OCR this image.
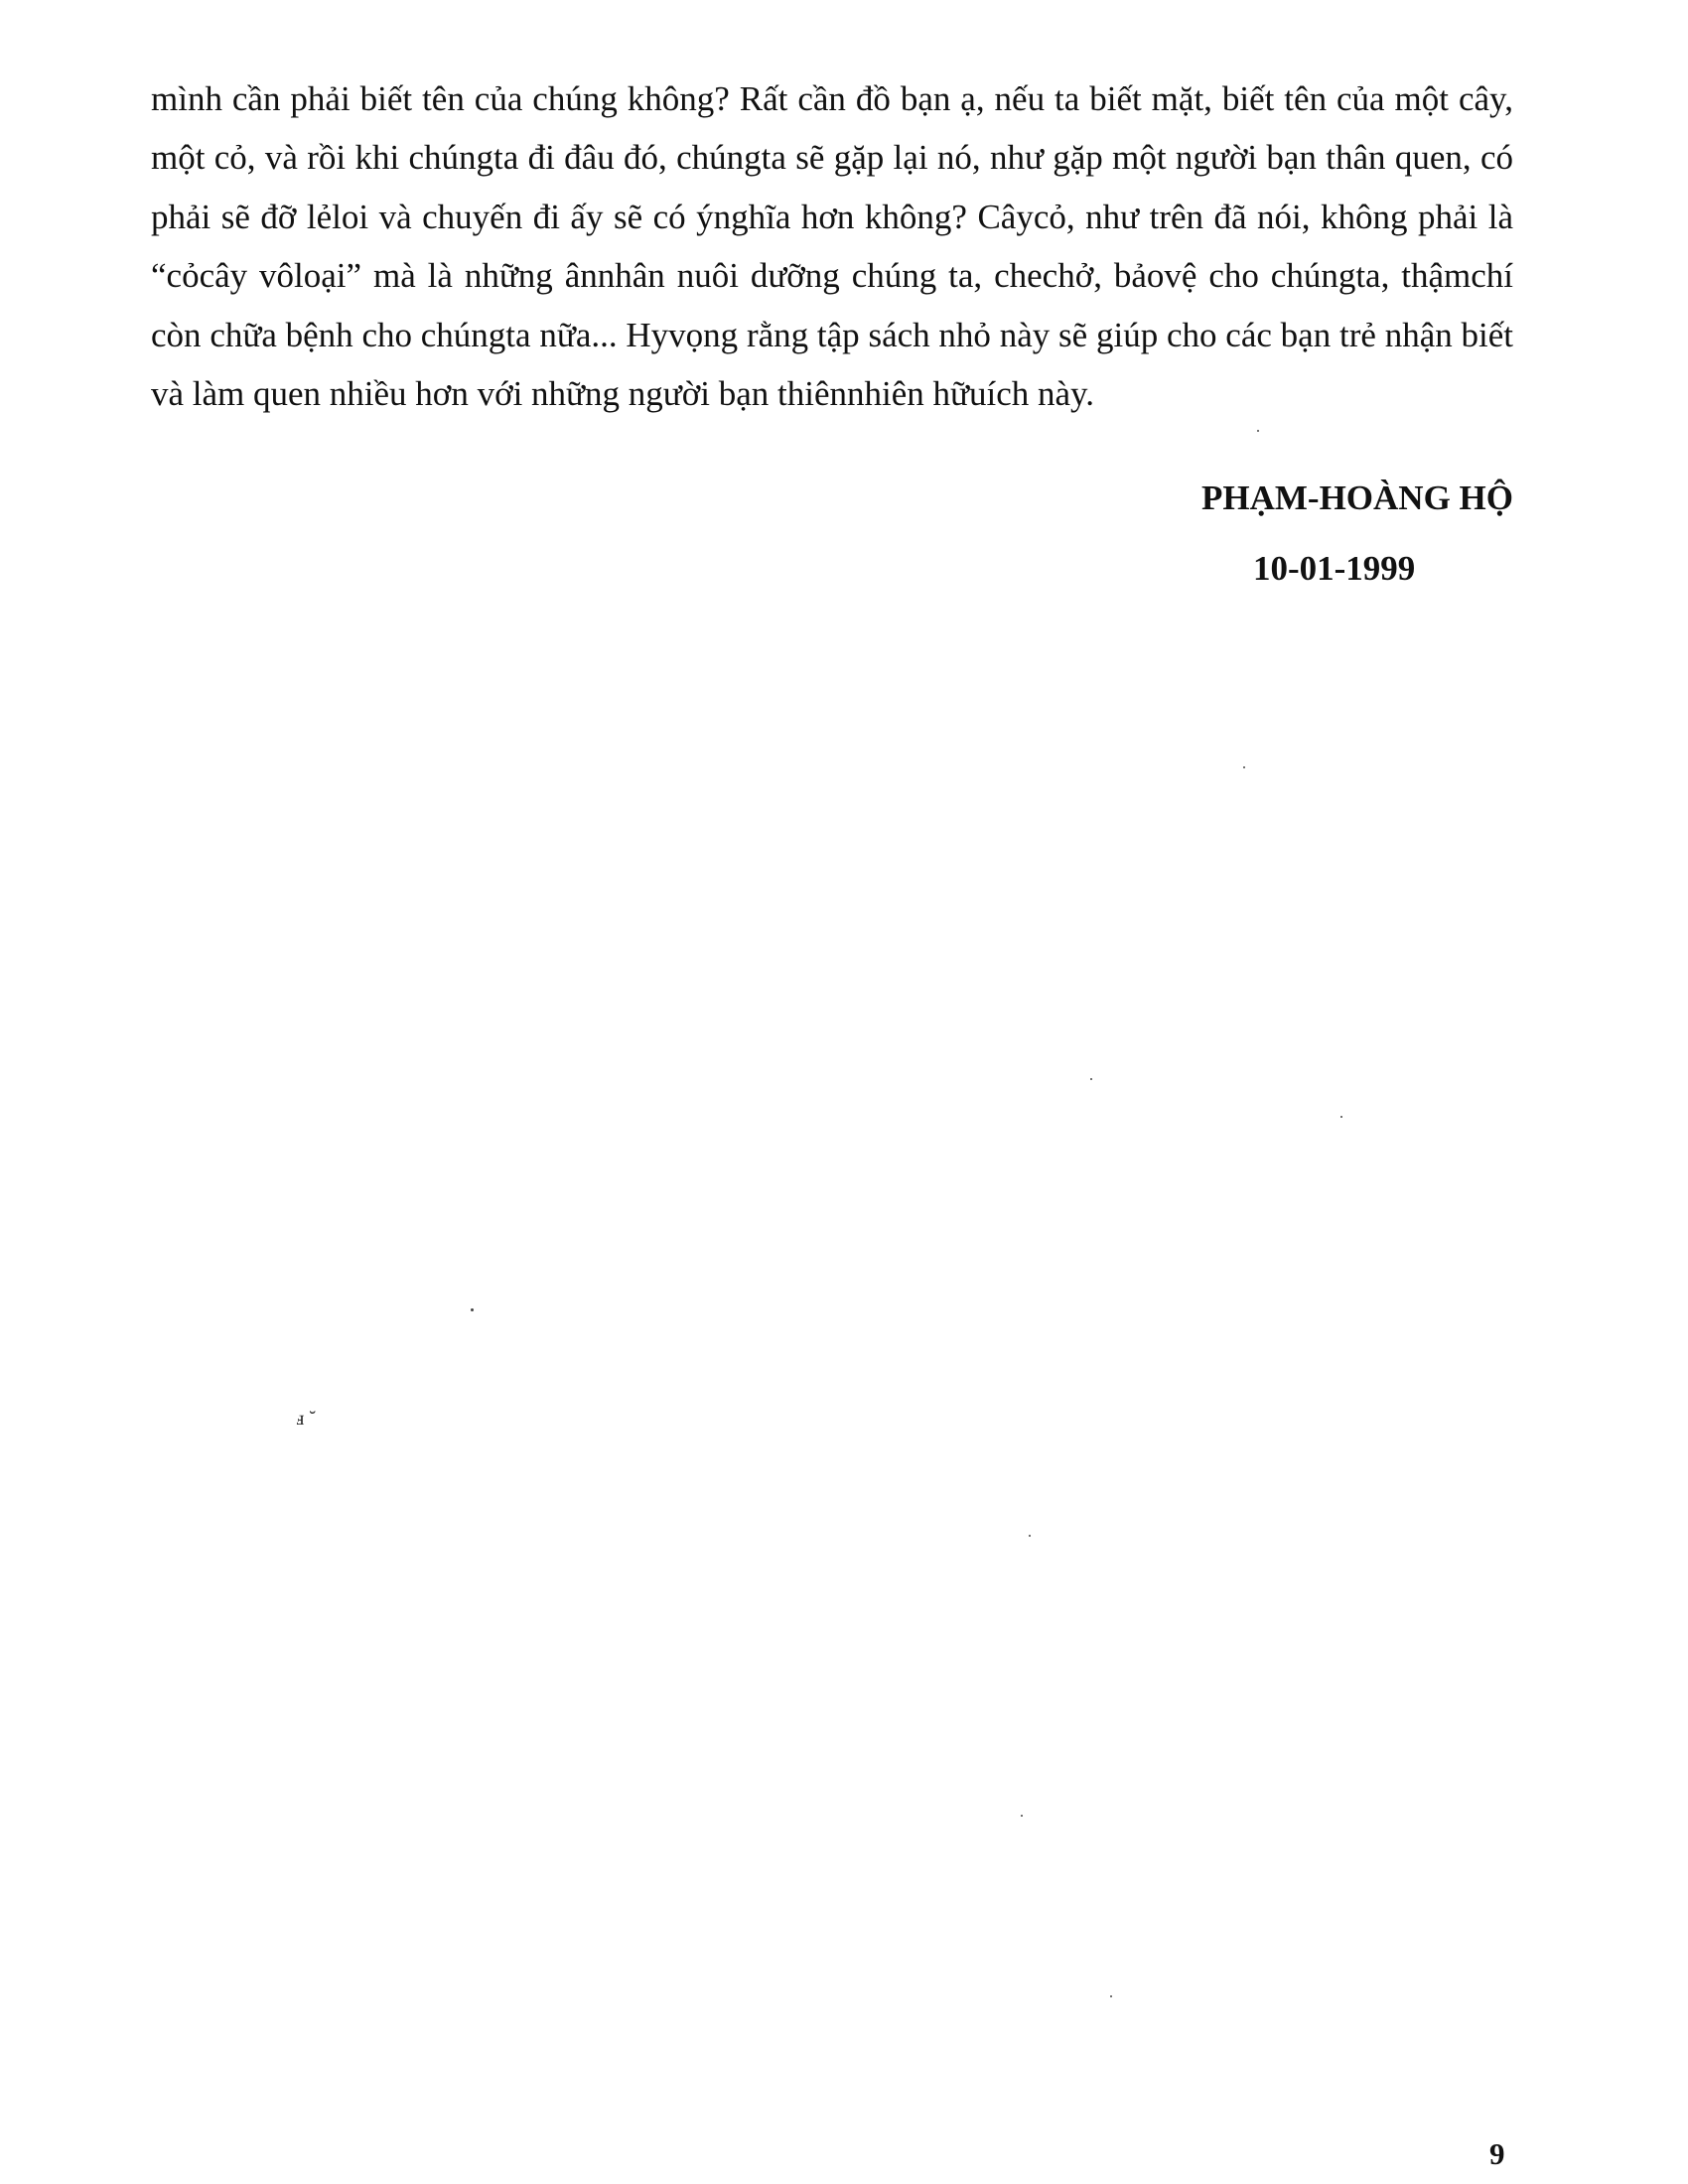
mình cần phải biết tên của chúng không? Rất cần đồ bạn ạ, nếu ta biết mặt, biết tên của một cây, một cỏ, và rồi khi chúngta đi đâu đó, chúngta sẽ gặp lại nó, như gặp một người bạn thân quen, có phải sẽ đỡ lẻloi và chuyến đi ấy sẽ có ýnghĩa hơn không? Câycỏ, như trên đã nói, không phải là “cỏcây vôloại” mà là những ânnhân nuôi dưỡng chúng ta, chechở, bảovệ cho chúngta, thậmchí còn chữa bệnh cho chúngta nữa... Hyvọng rằng tập sách nhỏ này sẽ giúp cho các bạn trẻ nhận biết và làm quen nhiều hơn với những người bạn thiênnhiên hữuích này.

PHẠM-HOÀNG HỘ

10-01-1999

9

ⅎ ˘
